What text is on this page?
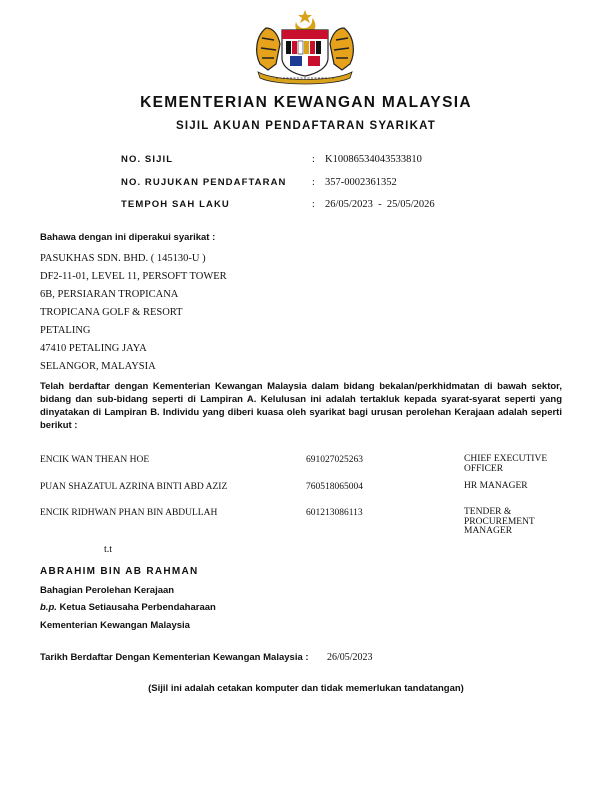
KEMENTERIAN KEWANGAN MALAYSIA
SIJIL AKUAN PENDAFTARAN SYARIKAT
NO. SIJIL	: K10086534043533810
NO. RUJUKAN PENDAFTARAN	: 357-0002361352
TEMPOH SAH LAKU	: 26/05/2023  -  25/05/2026
Bahawa dengan ini diperakui syarikat :
PASUKHAS SDN. BHD. ( 145130-U )
DF2-11-01, LEVEL 11, PERSOFT TOWER
6B, PERSIARAN TROPICANA
TROPICANA GOLF & RESORT
PETALING
47410 PETALING JAYA
SELANGOR, MALAYSIA
Telah berdaftar dengan Kementerian Kewangan Malaysia dalam bidang bekalan/perkhidmatan di bawah sektor, bidang dan sub-bidang seperti di Lampiran A. Kelulusan ini adalah tertakluk kepada syarat-syarat seperti yang dinyatakan di Lampiran B. Individu yang diberi kuasa oleh syarikat bagi urusan perolehan Kerajaan adalah seperti berikut :
ENCIK WAN THEAN HOE	691027025263	CHIEF EXECUTIVE OFFICER
PUAN SHAZATUL AZRINA BINTI ABD AZIZ	760518065004	HR MANAGER
ENCIK RIDHWAN PHAN BIN ABDULLAH	601213086113	TENDER & PROCUREMENT MANAGER
t.t
ABRAHIM BIN AB RAHMAN
Bahagian Perolehan Kerajaan
b.p. Ketua Setiausaha Perbendaharaan
Kementerian Kewangan Malaysia
Tarikh Berdaftar Dengan Kementerian Kewangan Malaysia : 26/05/2023
(Sijil ini adalah cetakan komputer dan tidak memerlukan tandatangan)
